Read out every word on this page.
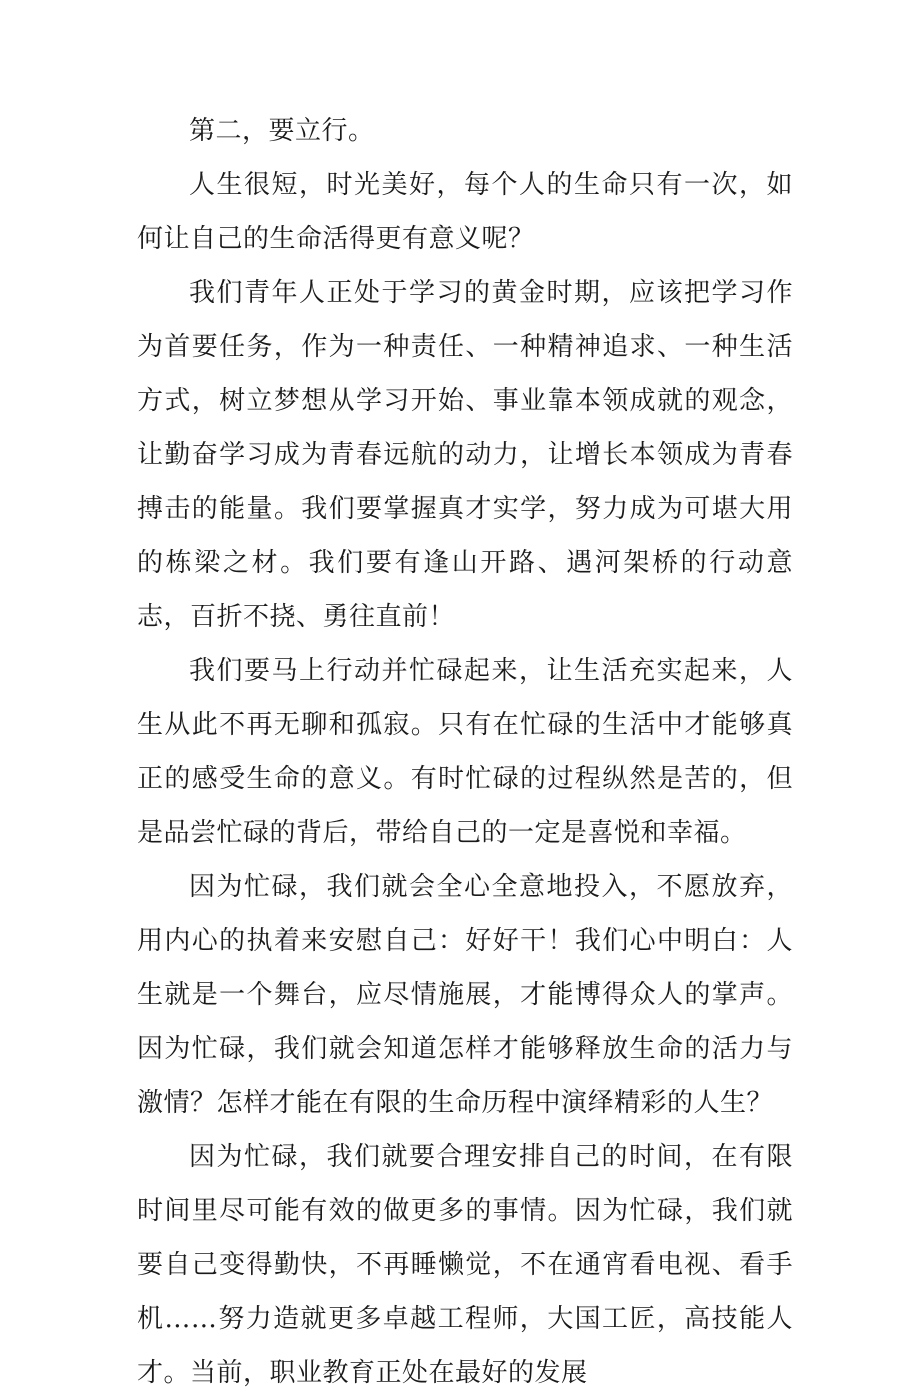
第二，要立行。

人生很短，时光美好，每个人的生命只有一次，如何让自己的生命活得更有意义呢？

我们青年人正处于学习的黄金时期，应该把学习作为首要任务，作为一种责任、一种精神追求、一种生活方式，树立梦想从学习开始、事业靠本领成就的观念，让勤奋学习成为青春远航的动力，让增长本领成为青春搏击的能量。我们要掌握真才实学，努力成为可堪大用的栋梁之材。我们要有逢山开路、遇河架桥的行动意志，百折不挠、勇往直前！

我们要马上行动并忙碌起来，让生活充实起来，人生从此不再无聊和孤寂。只有在忙碌的生活中才能够真正的感受生命的意义。有时忙碌的过程纵然是苦的，但是品尝忙碌的背后，带给自己的一定是喜悦和幸福。

因为忙碌，我们就会全心全意地投入，不愿放弃，用内心的执着来安慰自己：好好干！我们心中明白：人生就是一个舞台，应尽情施展，才能博得众人的掌声。因为忙碌，我们就会知道怎样才能够释放生命的活力与激情？怎样才能在有限的生命历程中演绎精彩的人生？

因为忙碌，我们就要合理安排自己的时间，在有限时间里尽可能有效的做更多的事情。因为忙碌，我们就要自己变得勤快，不再睡懒觉，不在通宵看电视、看手机……努力造就更多卓越工程师，大国工匠，高技能人才。当前，职业教育正处在最好的发展
